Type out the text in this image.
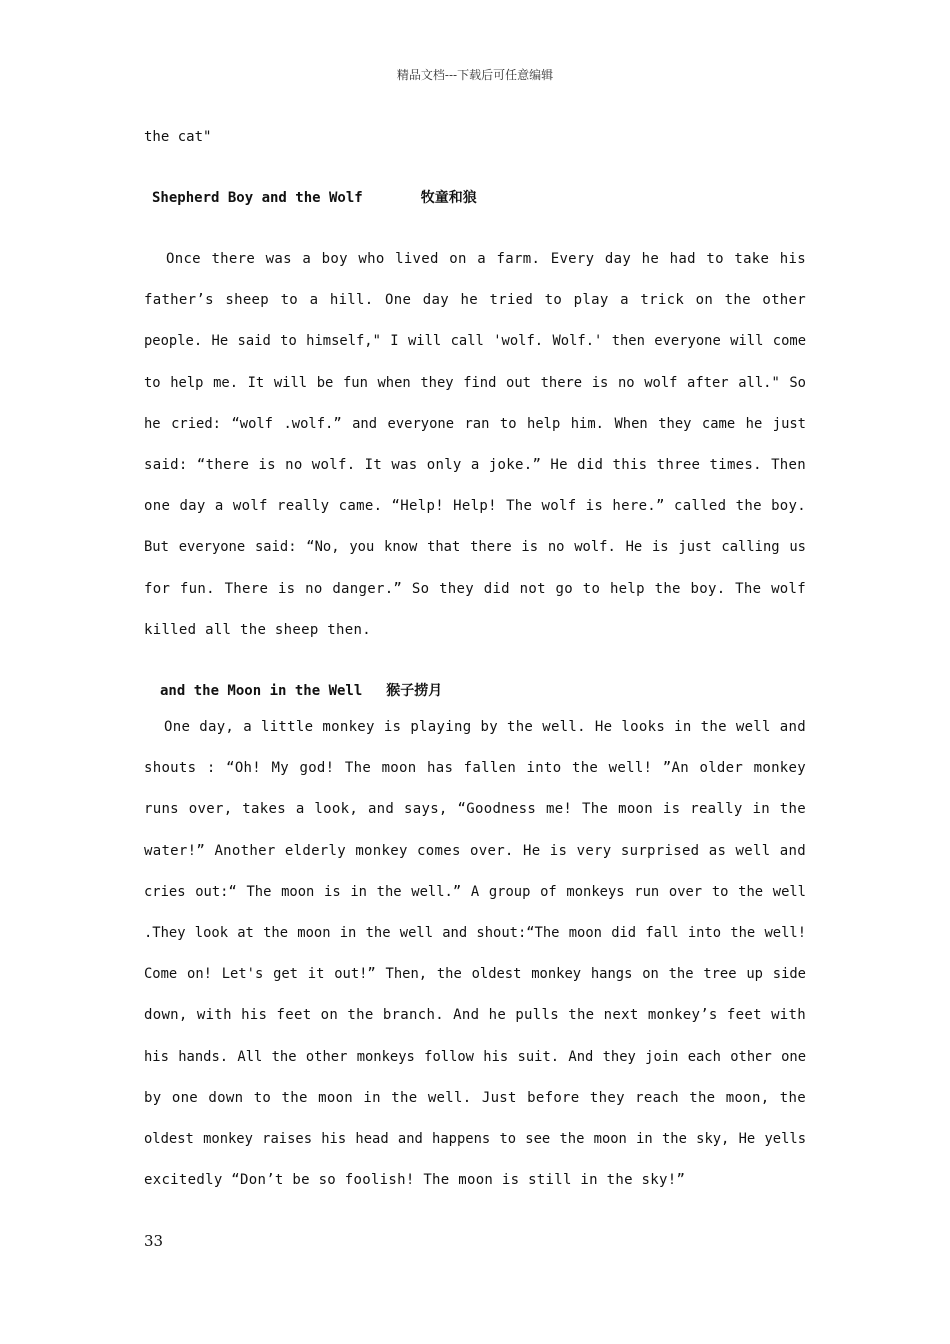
精品文档---下载后可任意编辑
the cat"
Shepherd Boy and the Wolf	牧童和狼
Once there was a boy who lived on a farm. Every day he had to take his
father’s sheep to a hill. One day he tried to play a trick on the other
people. He said to himself," I will call 'wolf. Wolf.' then everyone will come
to help me. It will be fun when they find out there is no wolf after all." So
he cried: “wolf .wolf.” and everyone ran to help him. When they came he just
said: “there is no wolf. It was only a joke.” He did this three times. Then
one day a wolf really came. “Help! Help! The wolf is here.” called the boy.
But everyone said: “No, you know that there is no wolf. He is just calling us
for fun. There is no danger.” So they did not go to help the boy. The wolf
killed all the sheep then.
and the Moon in the Well 猴子捞月
One day, a little monkey is playing by the well. He looks in the well and
shouts : “Oh! My god! The moon has fallen into the well! ”An older monkey
runs over, takes a look, and says, “Goodness me! The moon is really in the
water!” Another elderly monkey comes over. He is very surprised as well and
cries out:“ The moon is in the well.” A group of monkeys run over to the well
.They look at the moon in the well and shout:“The moon did fall into the well!
Come on! Let's get it out!” Then, the oldest monkey hangs on the tree up side
down, with his feet on the branch. And he pulls the next monkey’s feet with
his hands. All the other monkeys follow his suit. And they join each other one
by one down to the moon in the well. Just before they reach the moon, the
oldest monkey raises his head and happens to see the moon in the sky, He yells
excitedly “Don’t be so foolish! The moon is still in the sky!”
33
